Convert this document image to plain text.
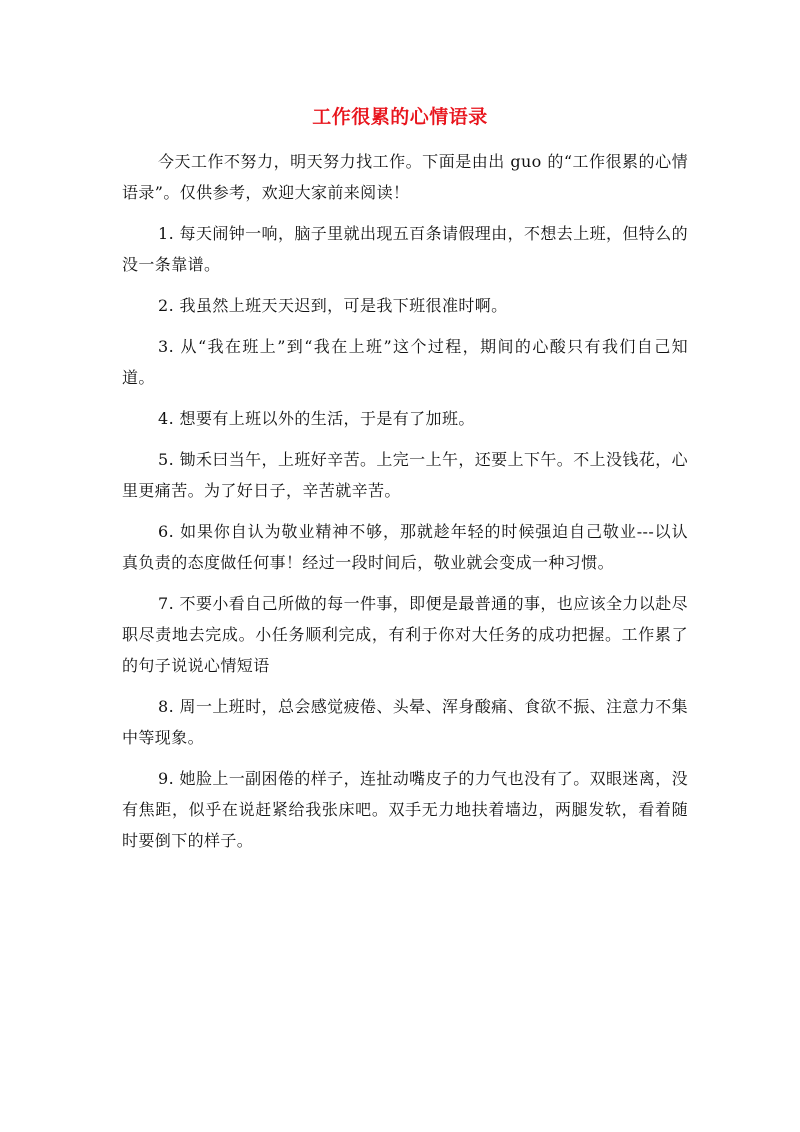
工作很累的心情语录

今天工作不努力，明天努力找工作。下面是由出 guo 的“工作很累的心情语录”。仅供参考，欢迎大家前来阅读！

1. 每天闹钟一响，脑子里就出现五百条请假理由，不想去上班，但特么的没一条靠谱。

2. 我虽然上班天天迟到，可是我下班很准时啊。

3. 从“我在班上”到“我在上班”这个过程，期间的心酸只有我们自己知道。

4. 想要有上班以外的生活，于是有了加班。

5. 锄禾曰当午，上班好辛苦。上完一上午，还要上下午。不上没钱花，心里更痛苦。为了好日子，辛苦就辛苦。

6. 如果你自认为敬业精神不够，那就趁年轻的时候强迫自己敬业---以认真负责的态度做任何事！经过一段时间后，敬业就会变成一种习惯。

7. 不要小看自己所做的每一件事，即便是最普通的事，也应该全力以赴尽职尽责地去完成。小任务顺利完成，有利于你对大任务的成功把握。工作累了的句子说说心情短语

8. 周一上班时，总会感觉疲倦、头晕、浑身酸痛、食欲不振、注意力不集中等现象。

9. 她脸上一副困倦的样子，连扯动嘴皮子的力气也没有了。双眼迷离，没有焦距，似乎在说赶紧给我张床吧。双手无力地扶着墙边，两腿发软，看着随时要倒下的样子。
